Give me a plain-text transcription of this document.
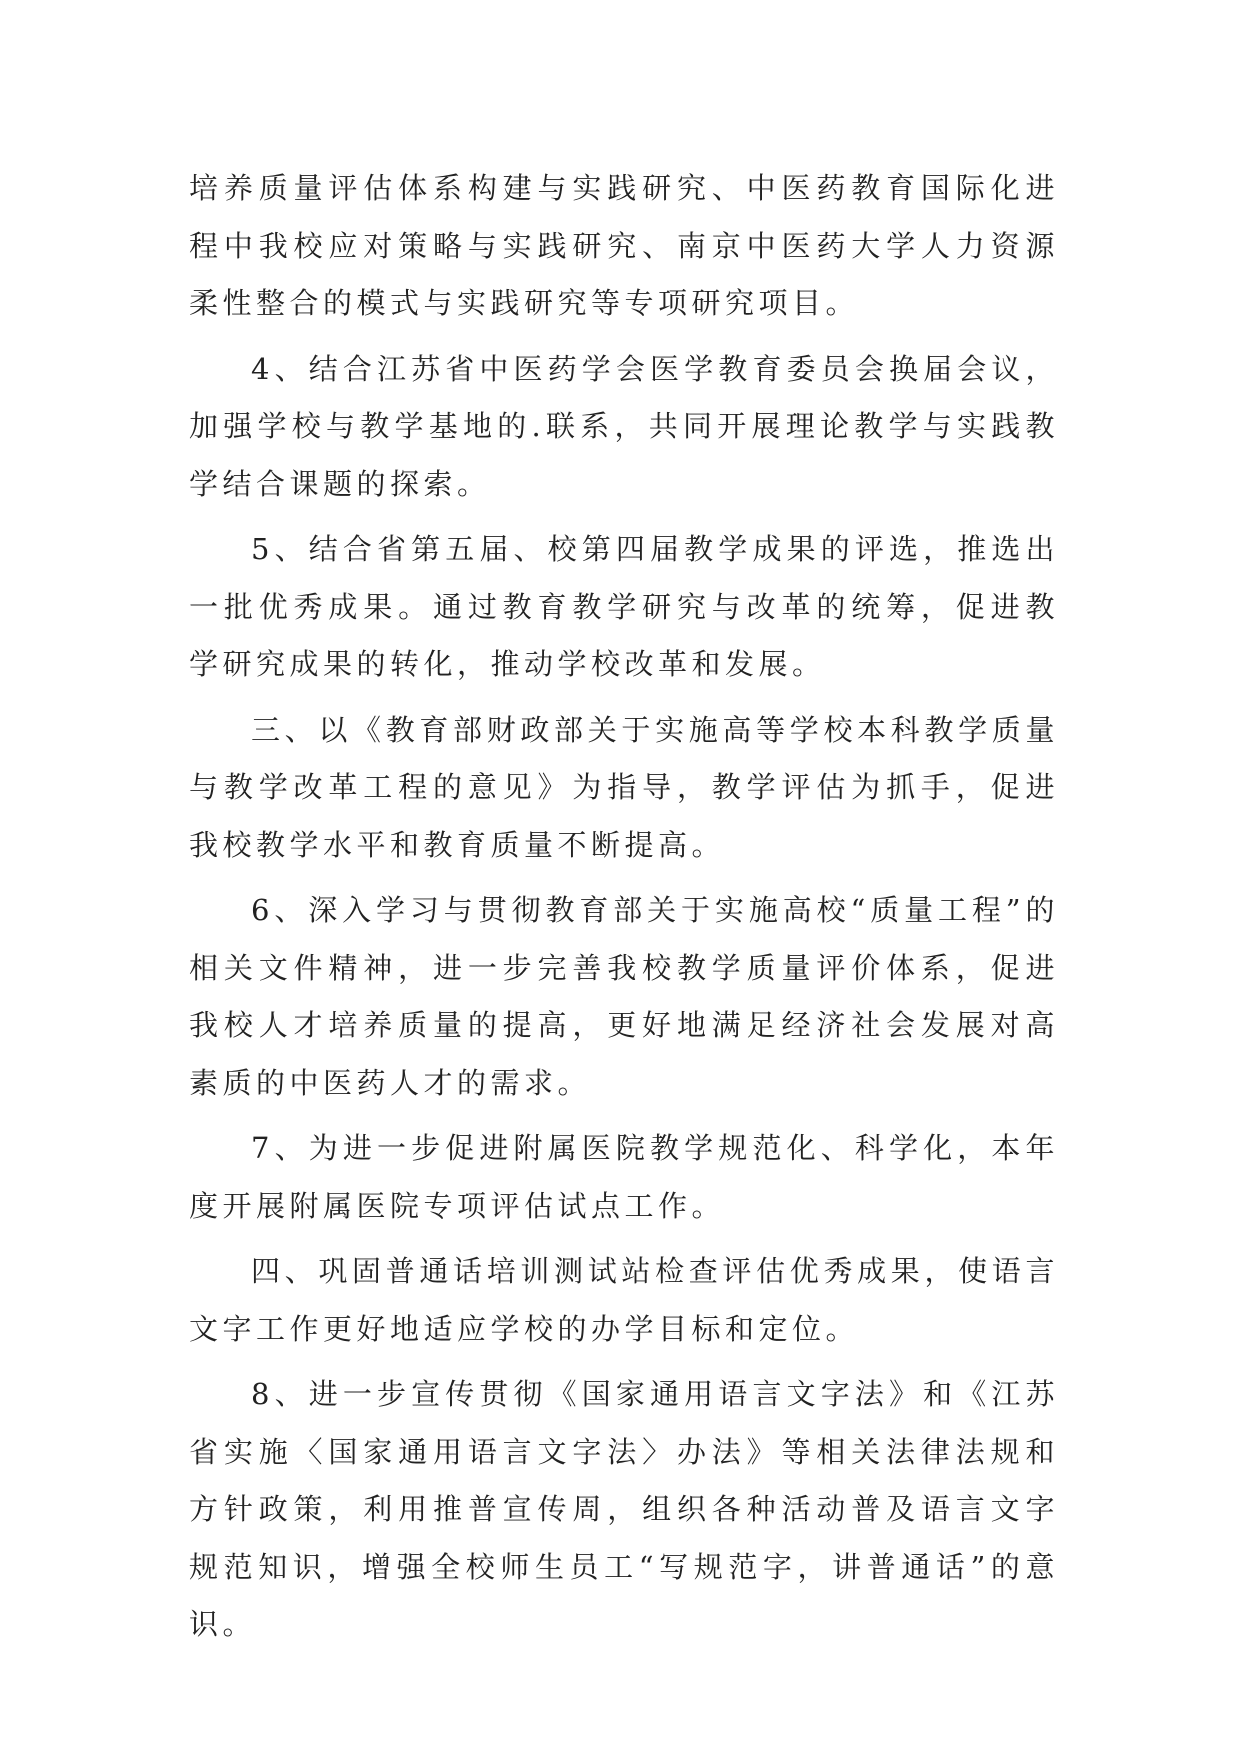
培养质量评估体系构建与实践研究、中医药教育国际化进程中我校应对策略与实践研究、南京中医药大学人力资源柔性整合的模式与实践研究等专项研究项目。

4、结合江苏省中医药学会医学教育委员会换届会议，加强学校与教学基地的.联系，共同开展理论教学与实践教学结合课题的探索。

5、结合省第五届、校第四届教学成果的评选，推选出一批优秀成果。通过教育教学研究与改革的统筹，促进教学研究成果的转化，推动学校改革和发展。

三、以《教育部财政部关于实施高等学校本科教学质量与教学改革工程的意见》为指导，教学评估为抓手，促进我校教学水平和教育质量不断提高。

6、深入学习与贯彻教育部关于实施高校“质量工程”的相关文件精神，进一步完善我校教学质量评价体系，促进我校人才培养质量的提高，更好地满足经济社会发展对高素质的中医药人才的需求。

7、为进一步促进附属医院教学规范化、科学化，本年度开展附属医院专项评估试点工作。

四、巩固普通话培训测试站检查评估优秀成果，使语言文字工作更好地适应学校的办学目标和定位。

8、进一步宣传贯彻《国家通用语言文字法》和《江苏省实施〈国家通用语言文字法〉办法》等相关法律法规和方针政策，利用推普宣传周，组织各种活动普及语言文字规范知识，增强全校师生员工“写规范字，讲普通话”的意识。
